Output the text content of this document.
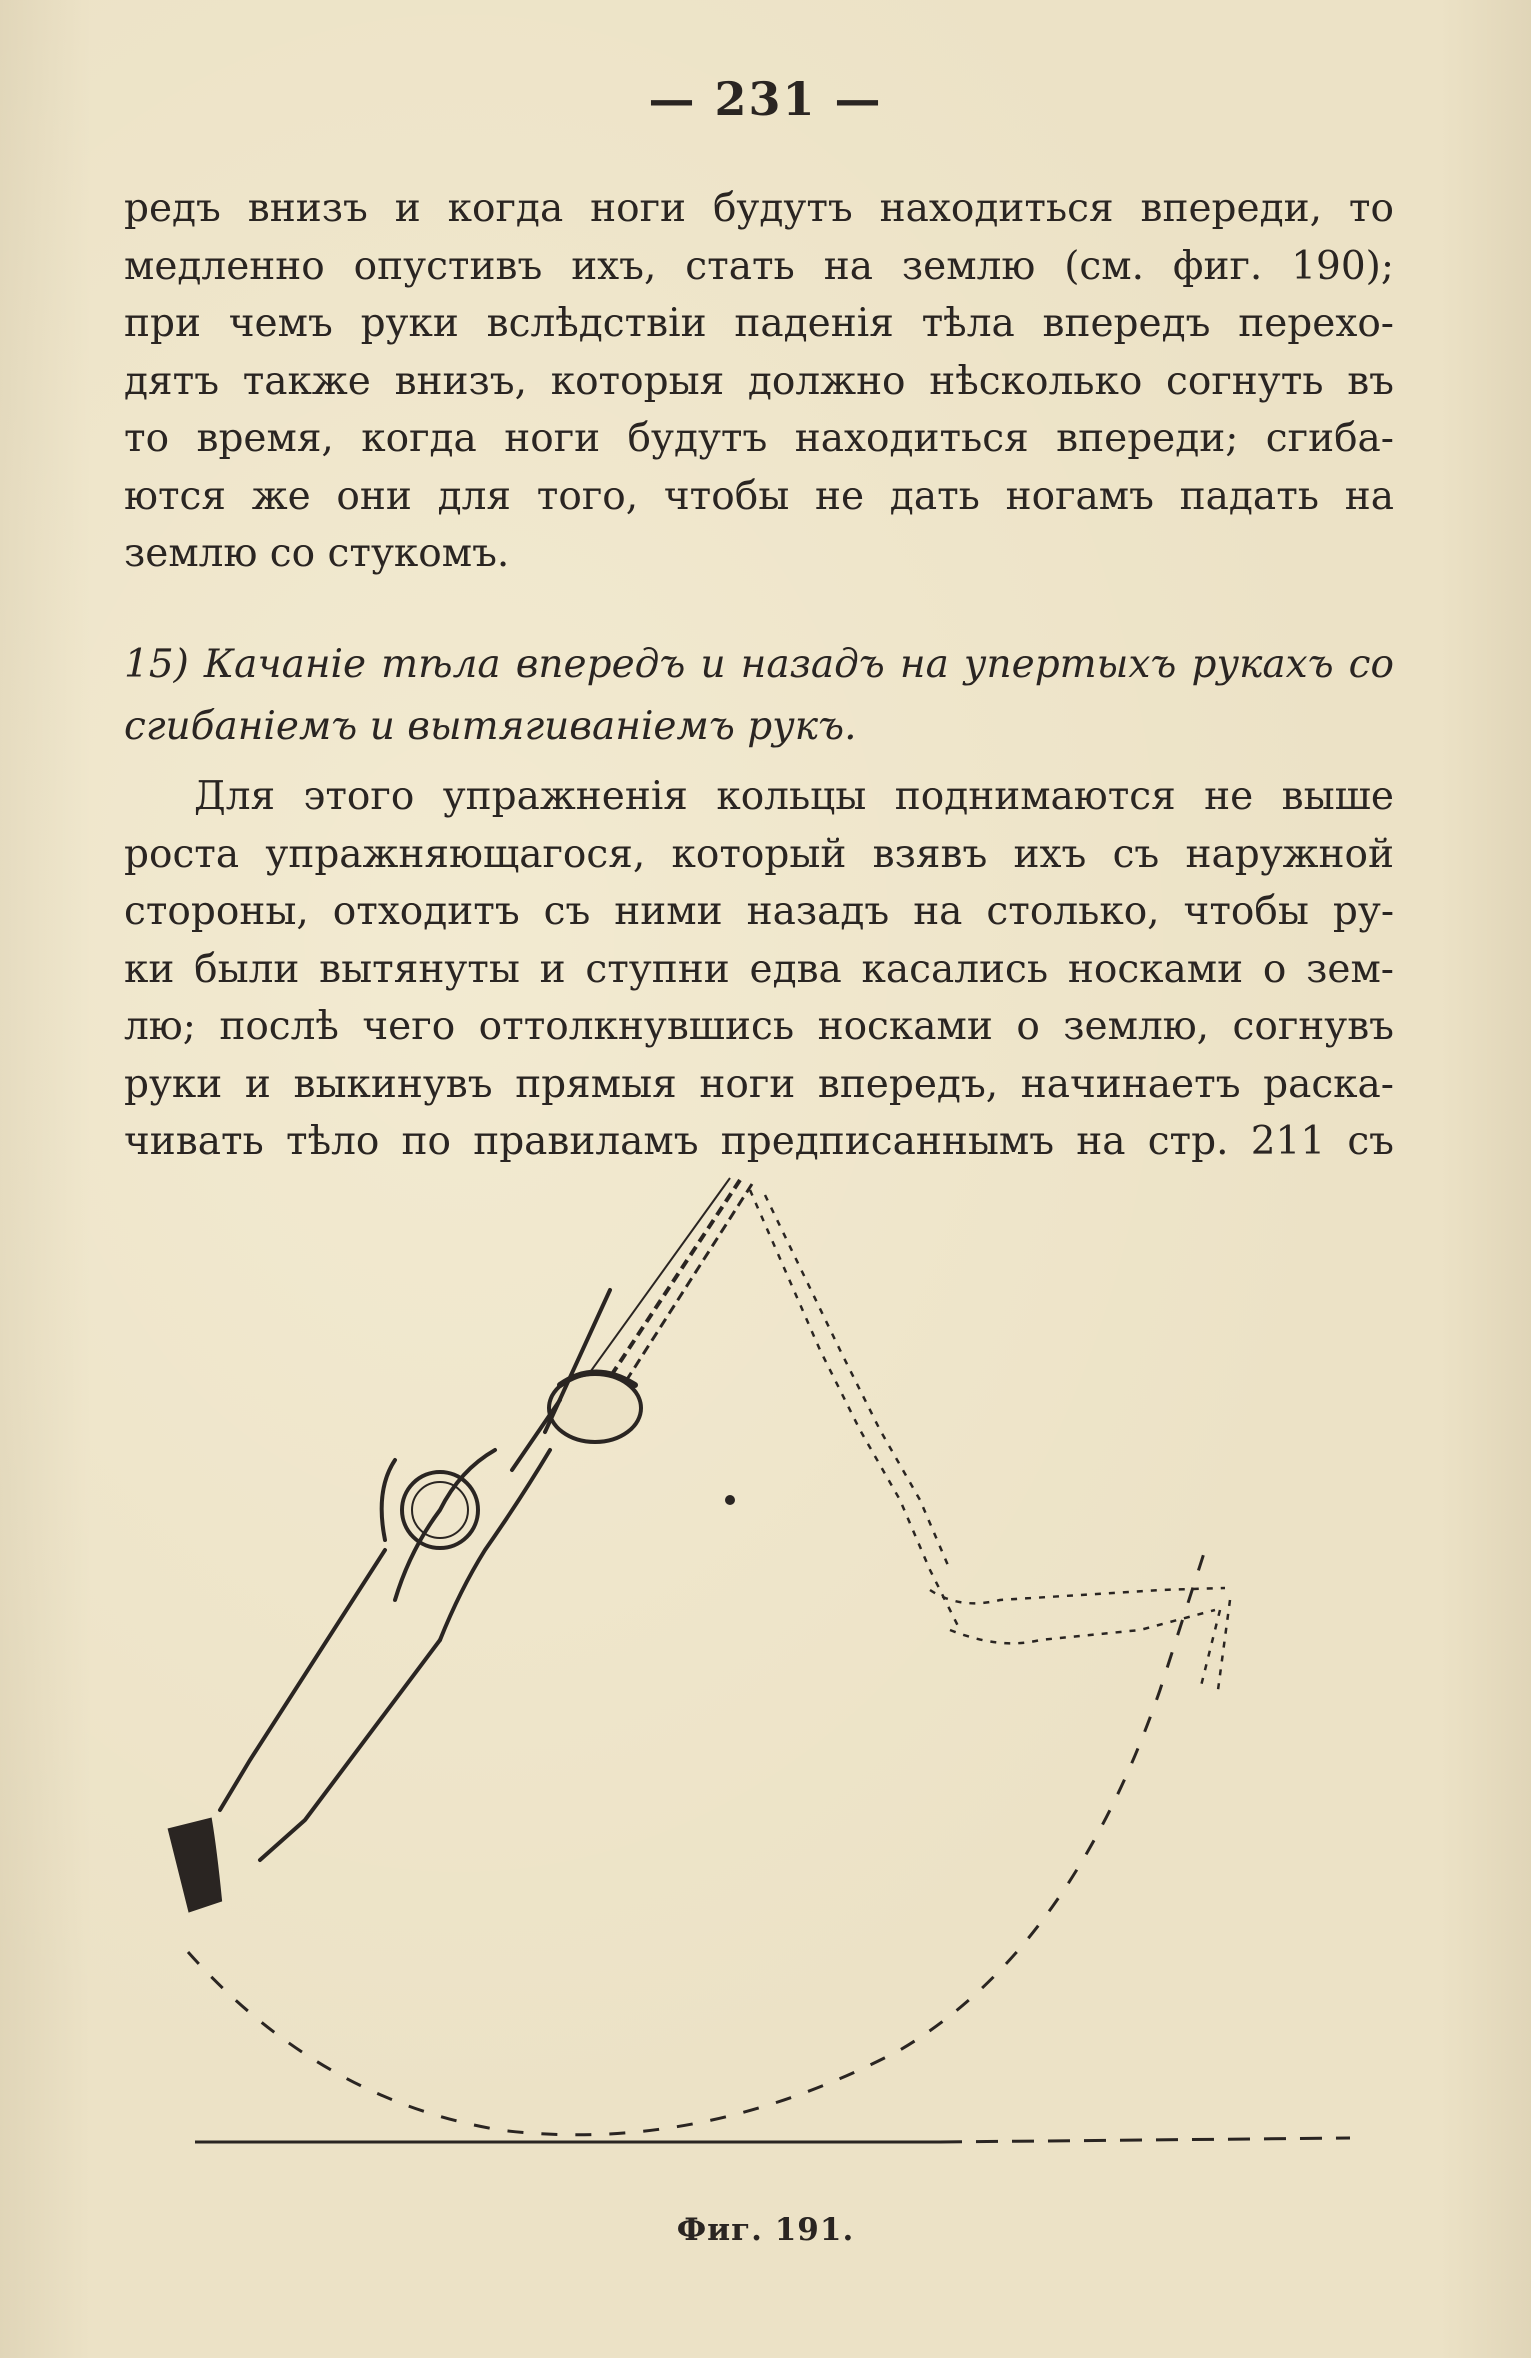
— 231 —
редъ внизъ и когда ноги будутъ находиться впереди, то
медленно опустивъ ихъ, стать на землю (см. фиг. 190);
при чемъ руки вслѣдствіи паденія тѣла впередъ перехо-
дятъ также внизъ, которыя должно нѣсколько согнуть въ
то время, когда ноги будутъ находиться впереди; сгиба-
ются же они для того, чтобы не дать ногамъ падать на
землю со стукомъ.
15) Качаніе тѣла впередъ и назадъ на упертыхъ рукахъ со
сгибаніемъ и вытягиваніемъ рукъ.
Для этого упражненія кольцы поднимаются не выше
роста упражняющагося, который взявъ ихъ съ наружной
стороны, отходитъ съ ними назадъ на столько, чтобы ру-
ки были вытянуты и ступни едва касались носками о зем-
лю; послѣ чего оттолкнувшись носками о землю, согнувъ
руки и выкинувъ прямыя ноги впередъ, начинаетъ раска-
чивать тѣло по правиламъ предписаннымъ на стр. 211 съ
Фиг. 191.
